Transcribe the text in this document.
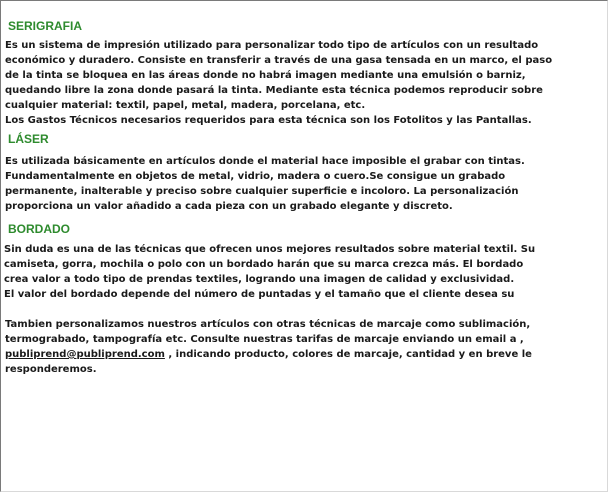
SERIGRAFIA
Es un sistema de impresión utilizado para personalizar todo tipo de artículos con un resultado
económico y duradero. Consiste en transferir a través de una gasa tensada en un marco, el paso
de la tinta se bloquea en las áreas donde no habrá imagen mediante una emulsión o barniz,
quedando libre la zona donde pasará la tinta. Mediante esta técnica podemos reproducir sobre
cualquier material: textil, papel, metal, madera, porcelana, etc.
Los Gastos Técnicos necesarios requeridos para esta técnica son los Fotolitos y las Pantallas.
LÁSER
Es utilizada básicamente en artículos donde el material hace imposible el grabar con tintas.
Fundamentalmente en objetos de metal, vidrio, madera o cuero.Se consigue un grabado
permanente, inalterable y preciso sobre cualquier superficie e incoloro. La personalización
proporciona un valor añadido a cada pieza con un grabado elegante y discreto.
BORDADO
Sin duda es una de las técnicas que ofrecen unos mejores resultados sobre material textil. Su
camiseta, gorra, mochila o polo con un bordado harán que su marca crezca más. El bordado
crea valor a todo tipo de prendas textiles, logrando una imagen de calidad y exclusividad.
El valor del bordado depende del número de puntadas y el tamaño que el cliente desea su
Tambien personalizamos nuestros artículos con otras técnicas de marcaje como sublimación,
termograbado, tampografía etc. Consulte nuestras tarifas de marcaje enviando un email a ,
publiprend@publiprend.com , indicando producto, colores de marcaje, cantidad y en breve le
responderemos.
